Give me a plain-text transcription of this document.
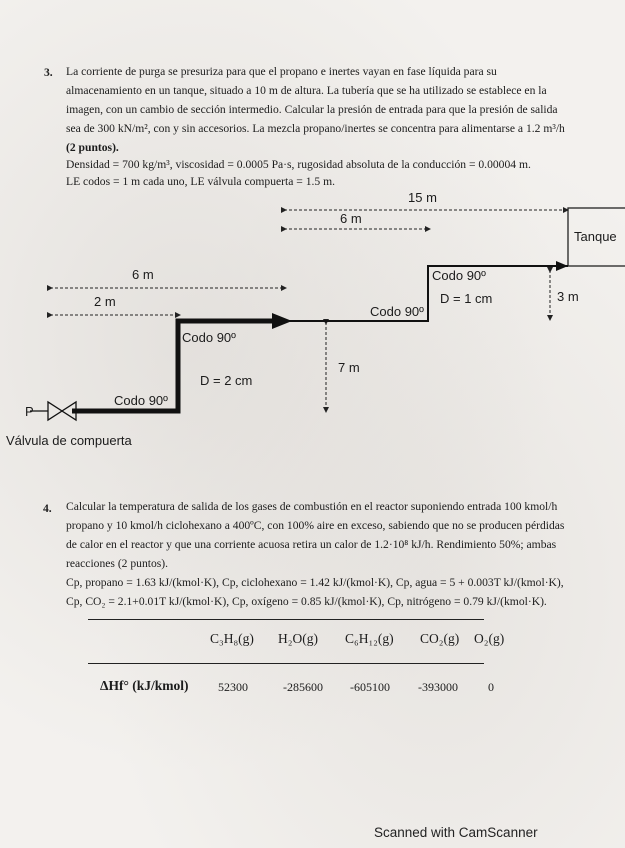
3. La corriente de purga se presuriza para que el propano e inertes vayan en fase líquida para su

almacenamiento en un tanque, situado a 10 m de altura. La tubería que se ha utilizado se establece en la

imagen, con un cambio de sección intermedio. Calcular la presión de entrada para que la presión de salida

sea de 300 kN/m², con y sin accesorios. La mezcla propano/inertes se concentra para alimentarse a 1.2 m³/h

(2 puntos).

Densidad = 700 kg/m³, viscosidad = 0.0005 Pa·s, rugosidad absoluta de la conducción = 0.00004 m.

LE codos = 1 m cada uno, LE válvula compuerta = 1.5 m.

15 m
6 m
6 m
2 m	3 m
7 m
Tanque
Codo 90º
D = 1 cm
Codo 90º
Codo 90º
D = 2 cm
Codo 90º
P
Válvula de compuerta
4. Calcular la temperatura de salida de los gases de combustión en el reactor suponiendo entrada 100 kmol/h

propano y 10 kmol/h ciclohexano a 400ºC, con 100% aire en exceso, sabiendo que no se producen pérdidas

de calor en el reactor y que una corriente acuosa retira un calor de 1.2·10⁸ kJ/h. Rendimiento 50%; ambas

reacciones (2 puntos).

Cp, propano = 1.63 kJ/(kmol·K), Cp, ciclohexano = 1.42 kJ/(kmol·K), Cp, agua = 5 + 0.003T kJ/(kmol·K),

Cp, CO₂ = 2.1+0.01T kJ/(kmol·K), Cp, oxígeno = 0.85 kJ/(kmol·K), Cp, nitrógeno = 0.79 kJ/(kmol·K).

C₃H₈(g) H₂O(g) C₆H₁₂(g) CO₂(g) O₂(g)
ΔHf° (kJ/kmol) 52300	-285600 -605100 -393000	0
Scanned with CamScanner
